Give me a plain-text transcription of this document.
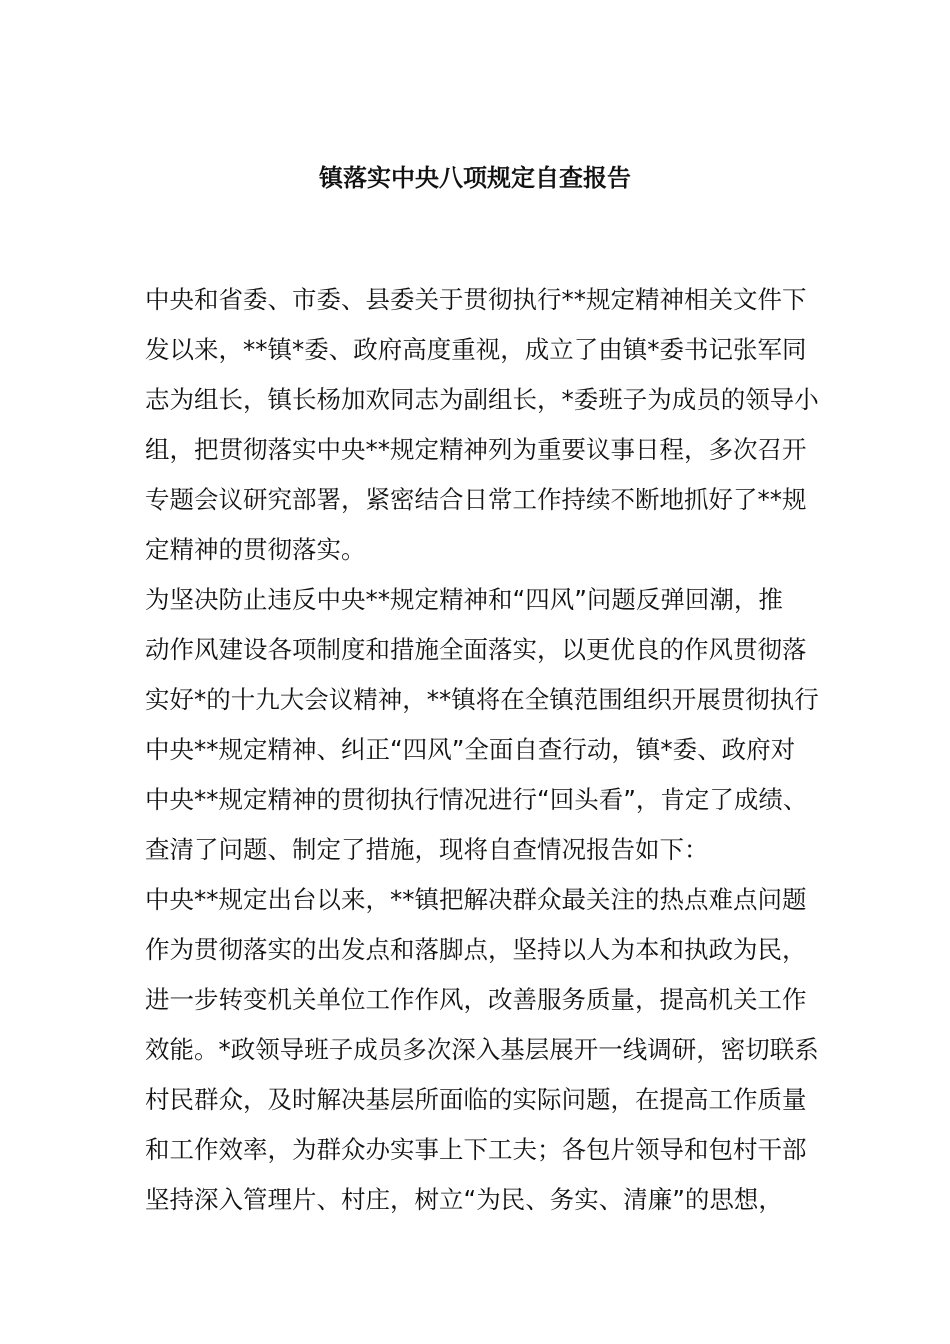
镇落实中央八项规定自查报告
中央和省委、市委、县委关于贯彻执行**规定精神相关文件下
发以来，**镇*委、政府高度重视，成立了由镇*委书记张军同
志为组长，镇长杨加欢同志为副组长，*委班子为成员的领导小
组，把贯彻落实中央**规定精神列为重要议事日程，多次召开
专题会议研究部署，紧密结合日常工作持续不断地抓好了**规
定精神的贯彻落实。
为坚决防止违反中央**规定精神和“四风”问题反弹回潮，推
动作风建设各项制度和措施全面落实，以更优良的作风贯彻落
实好*的十九大会议精神，**镇将在全镇范围组织开展贯彻执行
中央**规定精神、纠正“四风”全面自查行动，镇*委、政府对
中央**规定精神的贯彻执行情况进行“回头看”，肯定了成绩、
查清了问题、制定了措施，现将自查情况报告如下：
中央**规定出台以来，**镇把解决群众最关注的热点难点问题
作为贯彻落实的出发点和落脚点，坚持以人为本和执政为民，
进一步转变机关单位工作作风，改善服务质量，提高机关工作
效能。*政领导班子成员多次深入基层展开一线调研，密切联系
村民群众，及时解决基层所面临的实际问题，在提高工作质量
和工作效率，为群众办实事上下工夫；各包片领导和包村干部
坚持深入管理片、村庄，树立“为民、务实、清廉”的思想，
